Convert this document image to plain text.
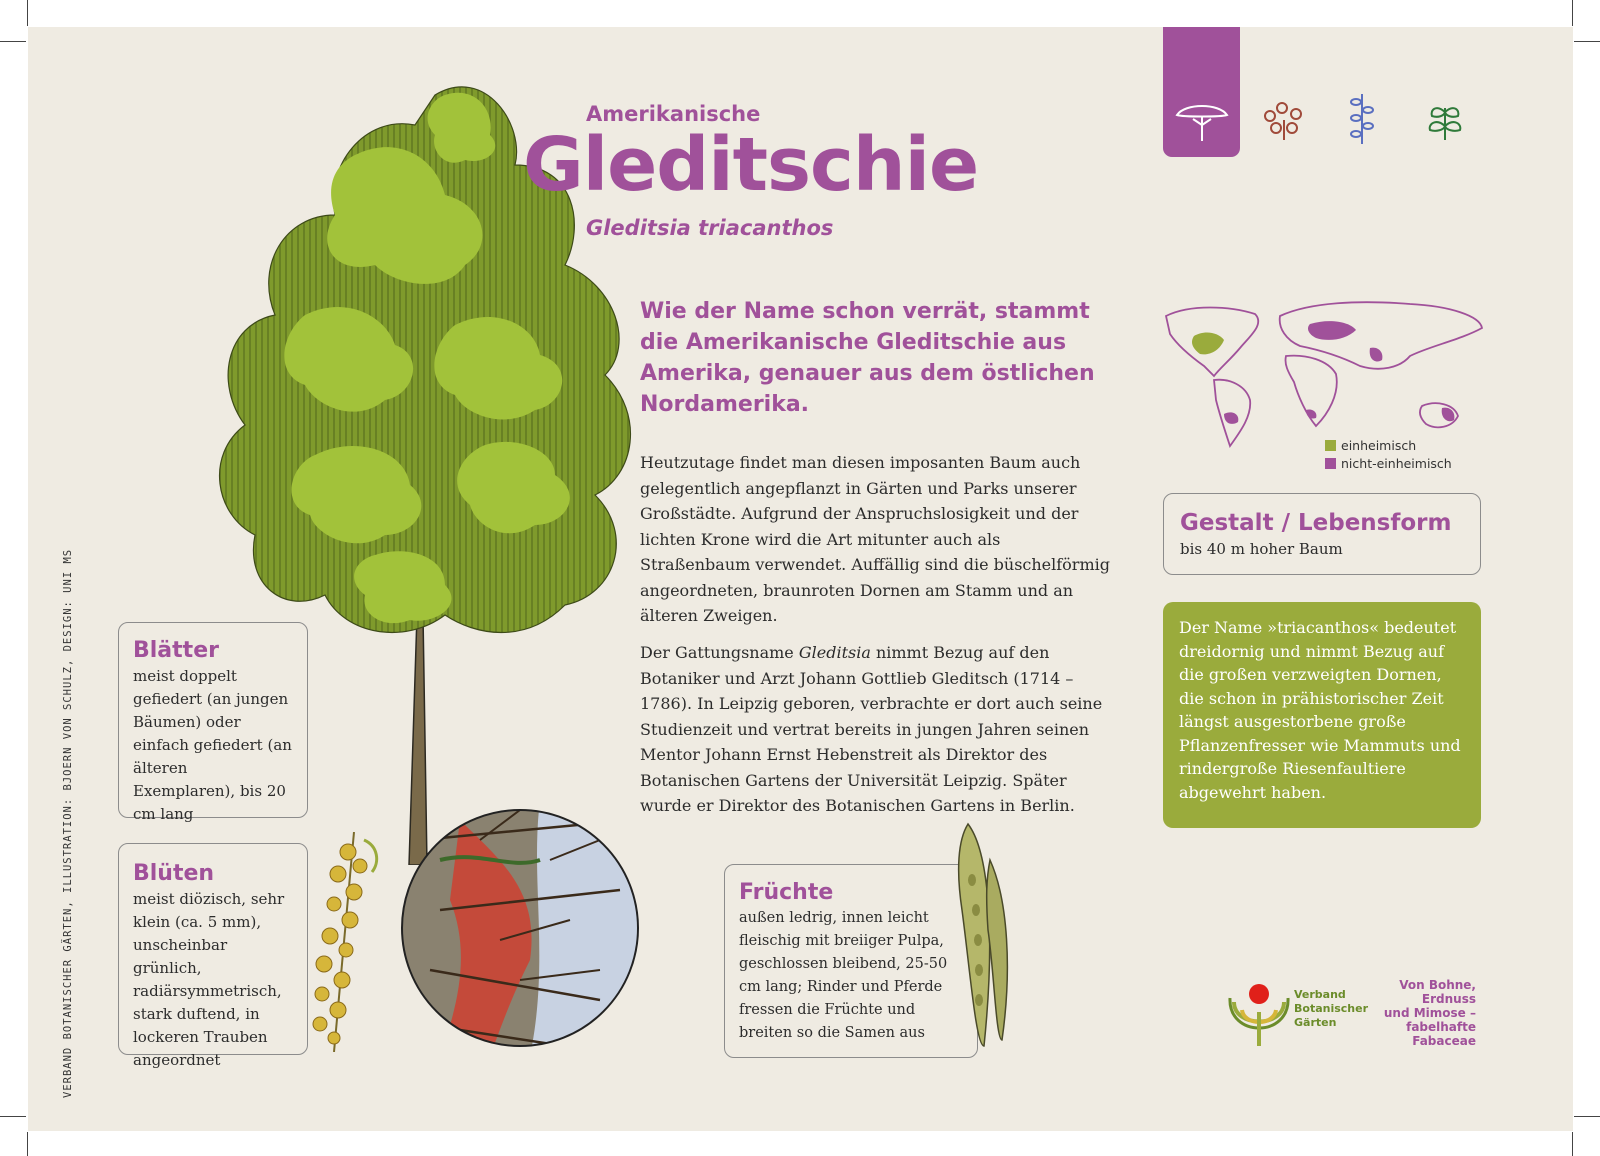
VERBAND BOTANISCHER GÄRTEN, ILLUSTRATION: BJOERN VON SCHULZ, DESIGN: UNI MS
Amerikanische
Gleditschie
Gleditsia triacanthos

Wie der Name schon verrät, stammt die Amerikanische Gleditschie aus Amerika, genauer aus dem östlichen Nordamerika.

Heutzutage findet man diesen imposanten Baum auch gelegentlich angepflanzt in Gärten und Parks unserer Großstädte. Aufgrund der Anspruchslosigkeit und der lichten Krone wird die Art mitunter auch als Straßenbaum verwendet. Auffällig sind die büschelförmig angeordneten, braunroten Dornen am Stamm und an älteren Zweigen.

Der Gattungsname Gleditsia nimmt Bezug auf den Botaniker und Arzt Johann Gottlieb Gleditsch (1714 – 1786). In Leipzig geboren, verbrachte er dort auch seine Studienzeit und vertrat bereits in jungen Jahren seinen Mentor Johann Ernst Hebenstreit als Direktor des Botanischen Gartens der Universität Leipzig. Später wurde er Direktor des Botanischen Gartens in Berlin.

einheimisch
nicht-einheimisch
Gestalt / Lebensform

bis 40 m hoher Baum

Der Name »triacanthos« bedeutet dreidornig und nimmt Bezug auf die großen verzweigten Dornen, die schon in prähistorischer Zeit längst ausgestorbene große Pflanzenfresser wie Mammuts und rindergroße Riesenfaultiere abgewehrt haben.

Blätter

meist doppelt gefiedert (an jungen Bäumen) oder einfach gefiedert (an älteren Exemplaren), bis 20 cm lang

Blüten

meist diözisch, sehr klein (ca. 5 mm), unscheinbar grünlich, radiärsymmetrisch, stark duftend, in lockeren Trauben angeordnet

Früchte

außen ledrig, innen leicht fleischig mit breiiger Pulpa, geschlossen bleibend, 25-50 cm lang; Rinder und Pferde fressen die Früchte und breiten so die Samen aus

Verband
Botanischer
Gärten
Von Bohne,
Erdnuss
und Mimose –
fabelhafte
Fabaceae
